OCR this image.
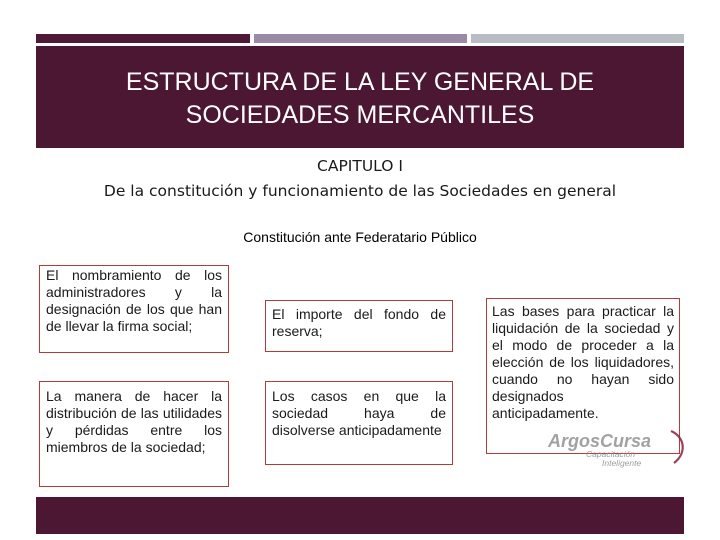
ESTRUCTURA DE LA LEY GENERAL DE SOCIEDADES MERCANTILES
CAPITULO I
De la constitución y funcionamiento de las Sociedades en general
Constitución ante Federatario Público
El nombramiento de los administradores y la designación de los que han de llevar la firma social;
El importe del fondo de reserva;
La manera de hacer la distribución de las utilidades y pérdidas entre los miembros de la sociedad;
Los casos en que la sociedad haya de disolverse anticipadamente
Las bases para practicar la liquidación de la sociedad y el modo de proceder a la elección de los liquidadores, cuando no hayan sido designados anticipadamente.
ArgosCursa
Capacitación
Inteligente
